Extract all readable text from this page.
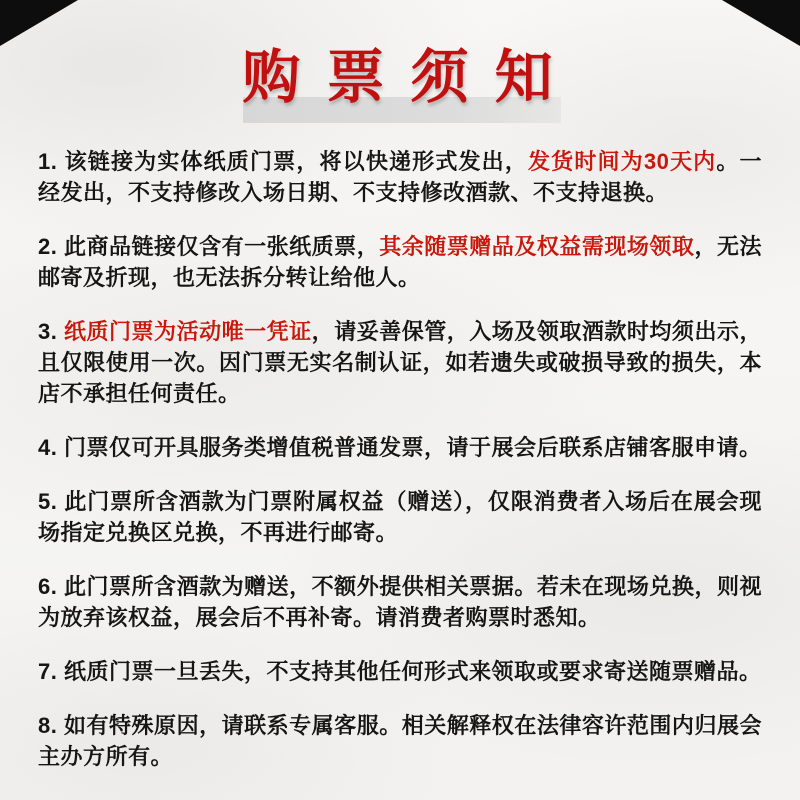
购 票 须 知

1. 该链接为实体纸质门票，将以快递形式发出，发货时间为30天内。一经发出，不支持修改入场日期、不支持修改酒款、不支持退换。

2. 此商品链接仅含有一张纸质票，其余随票赠品及权益需现场领取，无法邮寄及折现，也无法拆分转让给他人。

3. 纸质门票为活动唯一凭证，请妥善保管，入场及领取酒款时均须出示，且仅限使用一次。因门票无实名制认证，如若遗失或破损导致的损失，本店不承担任何责任。

4. 门票仅可开具服务类增值税普通发票，请于展会后联系店铺客服申请。

5. 此门票所含酒款为门票附属权益（赠送），仅限消费者入场后在展会现场指定兑换区兑换，不再进行邮寄。

6. 此门票所含酒款为赠送，不额外提供相关票据。若未在现场兑换，则视为放弃该权益，展会后不再补寄。请消费者购票时悉知。

7. 纸质门票一旦丢失，不支持其他任何形式来领取或要求寄送随票赠品。

8. 如有特殊原因，请联系专属客服。相关解释权在法律容许范围内归展会主办方所有。
